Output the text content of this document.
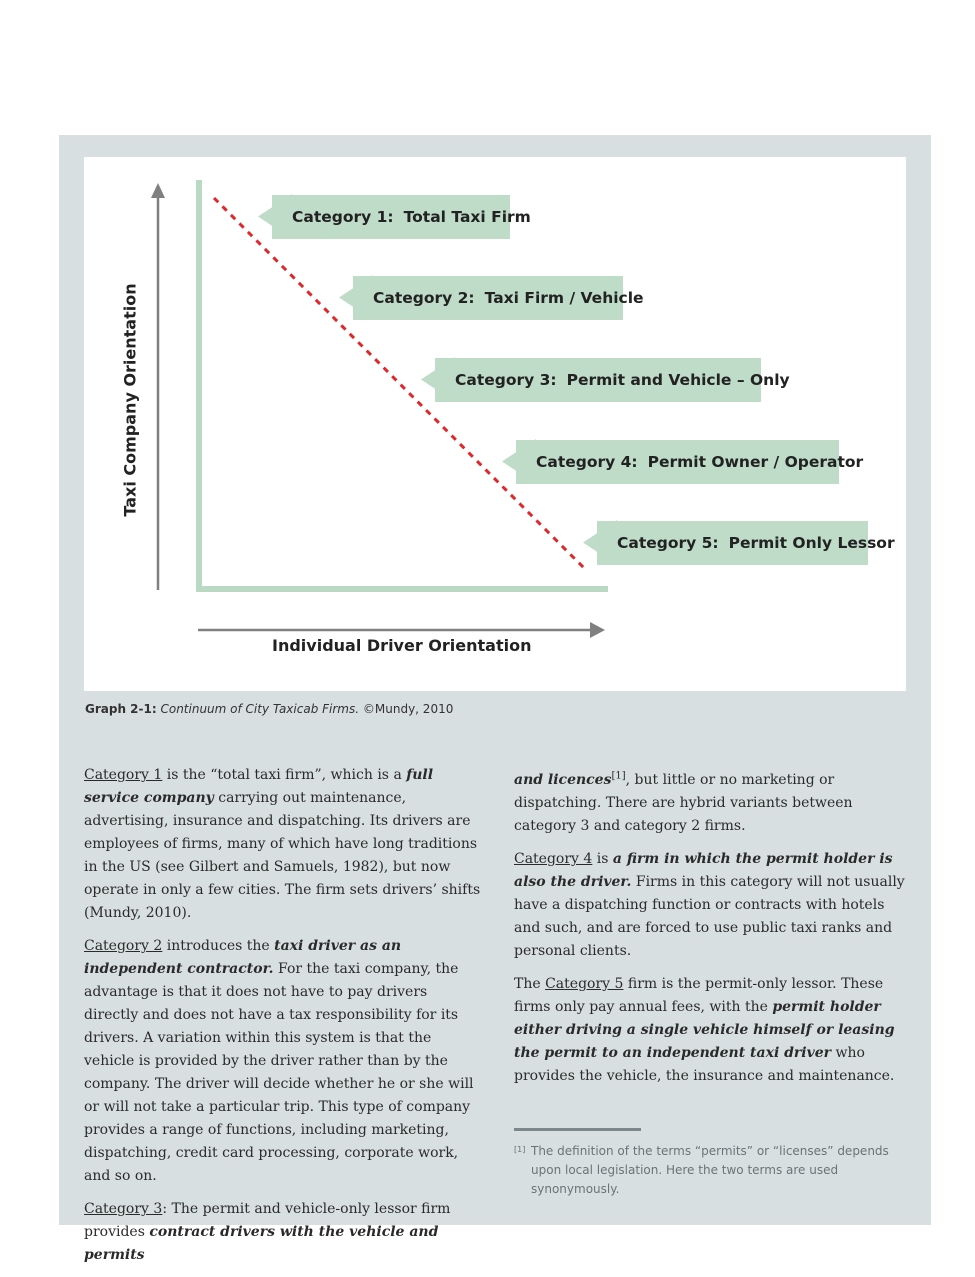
Taxi Company Orientation
Individual Driver Orientation
Category 1: Total Taxi Firm
Category 2: Taxi Firm / Vehicle
Category 3: Permit and Vehicle – Only
Category 4: Permit Owner / Operator
Category 5: Permit Only Lessor
Graph 2-1: Continuum of City Taxicab Firms. ©Mundy, 2010

Category 1 is the “total taxi firm”, which is a full service company carrying out maintenance, advertising, insurance and dispatching. Its drivers are employees of firms, many of which have long traditions in the US (see Gilbert and Samuels, 1982), but now operate in only a few cities. The firm sets drivers’ shifts (Mundy, 2010).

Category 2 introduces the taxi driver as an independent contractor. For the taxi company, the advantage is that it does not have to pay drivers directly and does not have a tax responsibility for its drivers. A variation within this system is that the vehicle is provided by the driver rather than by the company. The driver will decide whether he or she will or will not take a particular trip. This type of company provides a range of functions, including marketing, dispatching, credit card processing, corporate work, and so on.

Category 3: The permit and vehicle-only lessor firm provides contract drivers with the vehicle and permits

and licences[1], but little or no marketing or dispatching. There are hybrid variants between category 3 and category 2 firms.

Category 4 is a firm in which the permit holder is also the driver. Firms in this category will not usually have a dispatching function or contracts with hotels and such, and are forced to use public taxi ranks and personal clients.

The Category 5 firm is the permit-only lessor. These firms only pay annual fees, with the permit holder either driving a single vehicle himself or leasing the permit to an independent taxi driver who provides the vehicle, the insurance and maintenance.

[1] The definition of the terms “permits” or “licenses” depends upon local legislation. Here the two terms are used synonymously.
